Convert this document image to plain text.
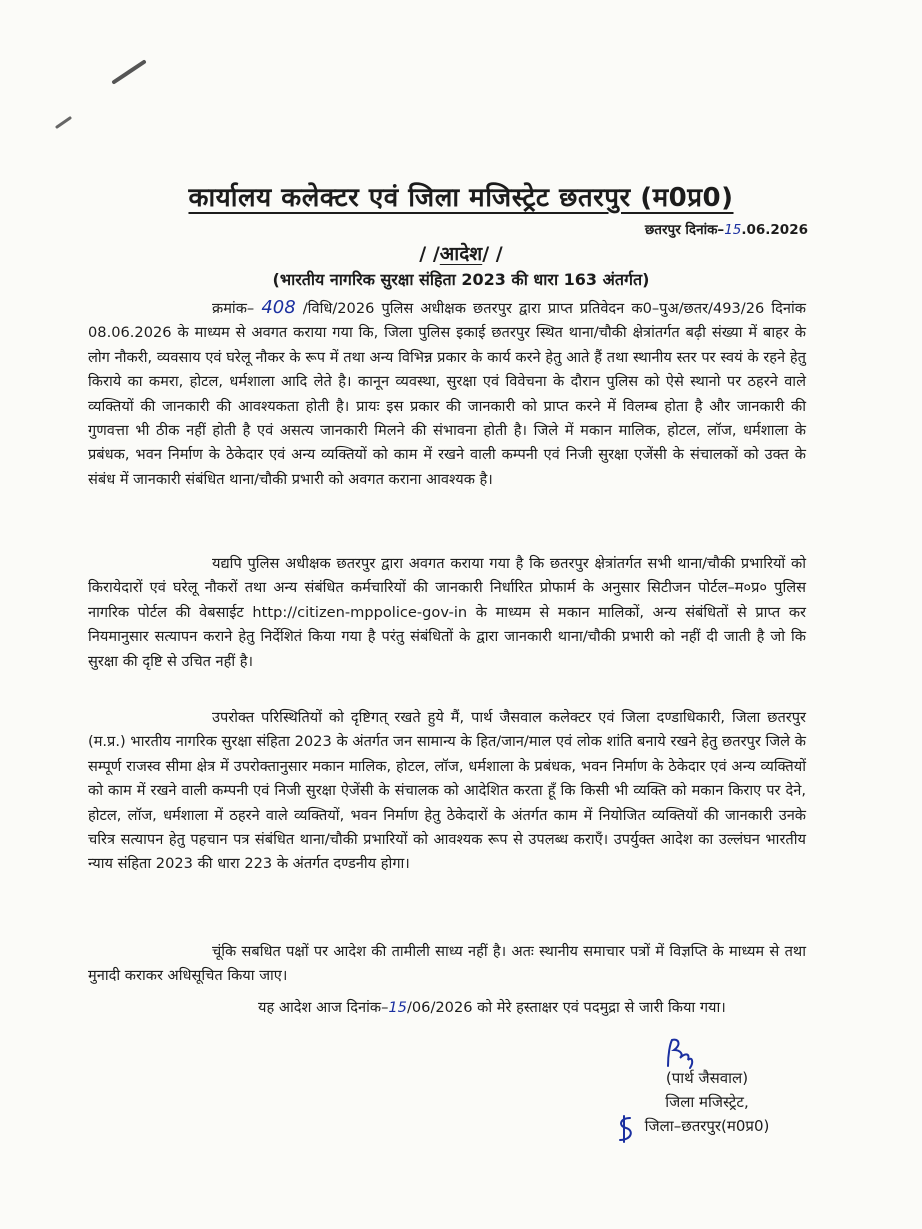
कार्यालय कलेक्टर एवं जिला मजिस्ट्रेट छतरपुर (म0प्र0)
छतरपुर दिनांक–15.06.2026
/ /आदेश/ /
(भारतीय नागरिक सुरक्षा संहिता 2023 की धारा 163 अंतर्गत)
क्रमांक– 408 /विधि/2026 पुलिस अधीक्षक छतरपुर द्वारा प्राप्त प्रतिवेदन क0–पुअ/छतर/493/26 दिनांक 08.06.2026 के माध्यम से अवगत कराया गया कि, जिला पुलिस इकाई छतरपुर स्थित थाना/चौकी क्षेत्रांतर्गत बढ़ी संख्या में बाहर के लोग नौकरी, व्यवसाय एवं घरेलू नौकर के रूप में तथा अन्य विभिन्न प्रकार के कार्य करने हेतु आते हैं तथा स्थानीय स्तर पर स्वयं के रहने हेतु किराये का कमरा, होटल, धर्मशाला आदि लेते है। कानून व्यवस्था, सुरक्षा एवं विवेचना के दौरान पुलिस को ऐसे स्थानो पर ठहरने वाले व्यक्तियों की जानकारी की आवश्यकता होती है। प्रायः इस प्रकार की जानकारी को प्राप्त करने में विलम्ब होता है और जानकारी की गुणवत्ता भी ठीक नहीं होती है एवं असत्य जानकारी मिलने की संभावना होती है। जिले में मकान मालिक, होटल, लॉज, धर्मशाला के प्रबंधक, भवन निर्माण के ठेकेदार एवं अन्य व्यक्तियों को काम में रखने वाली कम्पनी एवं निजी सुरक्षा एजेंसी के संचालकों को उक्त के संबंध में जानकारी संबंधित थाना/चौकी प्रभारी को अवगत कराना आवश्यक है।
यद्यपि पुलिस अधीक्षक छतरपुर द्वारा अवगत कराया गया है कि छतरपुर क्षेत्रांतर्गत सभी थाना/चौकी प्रभारियों को किरायेदारों एवं घरेलू नौकरों तथा अन्य संबंधित कर्मचारियों की जानकारी निर्धारित प्रोफार्म के अनुसार सिटीजन पोर्टल–म०प्र० पुलिस नागरिक पोर्टल की वेबसाईट http://citizen-mppolice-gov-in के माध्यम से मकान मालिकों, अन्य संबंधितों से प्राप्त कर नियमानुसार सत्यापन कराने हेतु निर्देशितं किया गया है परंतु संबंधितों के द्वारा जानकारी थाना/चौकी प्रभारी को नहीं दी जाती है जो कि सुरक्षा की दृष्टि से उचित नहीं है।
उपरोक्त परिस्थितियों को दृष्टिगत् रखते हुये मैं, पार्थ जैसवाल कलेक्टर एवं जिला दण्डाधिकारी, जिला छतरपुर (म.प्र.) भारतीय नागरिक सुरक्षा संहिता 2023 के अंतर्गत जन सामान्य के हित/जान/माल एवं लोक शांति बनाये रखने हेतु छतरपुर जिले के सम्पूर्ण राजस्व सीमा क्षेत्र में उपरोक्तानुसार मकान मालिक, होटल, लॉज, धर्मशाला के प्रबंधक, भवन निर्माण के ठेकेदार एवं अन्य व्यक्तियों को काम में रखने वाली कम्पनी एवं निजी सुरक्षा ऐजेंसी के संचालक को आदेशित करता हूँ कि किसी भी व्यक्ति को मकान किराए पर देने, होटल, लॉज, धर्मशाला में ठहरने वाले व्यक्तियों, भवन निर्माण हेतु ठेकेदारों के अंतर्गत काम में नियोजित व्यक्तियों की जानकारी उनके चरित्र सत्यापन हेतु पहचान पत्र संबंधित थाना/चौकी प्रभारियों को आवश्यक रूप से उपलब्ध कराएँ। उपर्युक्त आदेश का उल्लंघन भारतीय न्याय संहिता 2023 की धारा 223 के अंतर्गत दण्डनीय होगा।
चूंकि सबधित पक्षों पर आदेश की तामीली साध्य नहीं है। अतः स्थानीय समाचार पत्रों में विज्ञप्ति के माध्यम से तथा मुनादी कराकर अधिसूचित किया जाए।
यह आदेश आज दिनांक–15/06/2026 को मेरे हस्ताक्षर एवं पदमुद्रा से जारी किया गया।
(पार्थ जैसवाल)
जिला मजिस्ट्रेट,
जिला–छतरपुर(म0प्र0)
